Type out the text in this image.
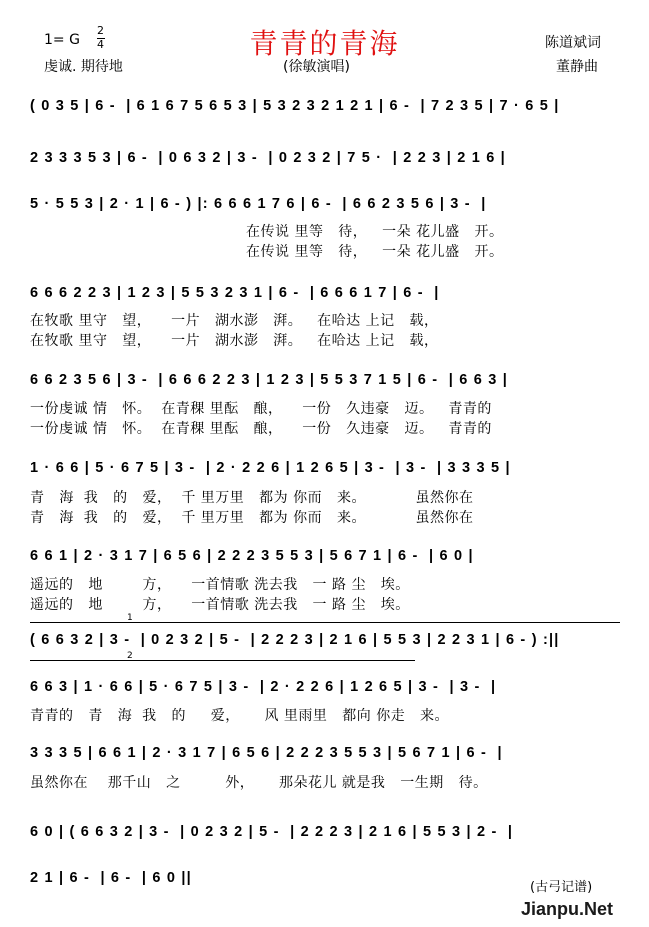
青青的青海
1= G
2
4
虔诚. 期待地
陈道斌词
(徐敏演唱)	董静曲
( 0 3 5 | 6 -  | 6 1 6 7 5 6 5 3 | 5 3 2 3 2 1 2 1 | 6 -  | 7 2 3 5 | 7 · 6 5 |
2 3 3 3 5 3 | 6 -  | 0 6 3 2 | 3 -  | 0 2 3 2 | 7 5 ·  | 2 2 3 | 2 1 6 |
5 · 5 5 3 | 2 · 1 | 6 - ) |: 6 6 6 1 7 6 | 6 -  | 6 6 2 3 5 6 | 3 -  |
在传说 里等   待，   一朵 花儿盛   开。
在传说 里等   待，   一朵 花儿盛   开。
6 6 6 2 2 3 | 1 2 3 | 5 5 3 2 3 1 | 6 -  | 6 6 6 1 7 | 6 -  |
在牧歌 里守   望，    一片   湖水澎   湃。   在哈达 上记   载，
在牧歌 里守   望，    一片   湖水澎   湃。   在哈达 上记   载，
6 6 2 3 5 6 | 3 -  | 6 6 6 2 2 3 | 1 2 3 | 5 5 3 7 1 5 | 6 -  | 6 6 3 |
一份虔诚 情   怀。  在青稞 里酝   酿，    一份   久违豪   迈。   青青的
一份虔诚 情   怀。  在青稞 里酝   酿，    一份   久违豪   迈。   青青的
1 · 6 6 | 5 · 6 7 5 | 3 -  | 2 · 2 2 6 | 1 2 6 5 | 3 -  | 3 -  | 3 3 3 5 |
青   海  我   的   爱，  千 里万里   都为 你而   来。          虽然你在
青   海  我   的   爱，  千 里万里   都为 你而   来。          虽然你在
6 6 1 | 2 · 3 1 7 | 6 5 6 | 2 2 2 3 5 5 3 | 5 6 7 1 | 6 -  | 6 0 |
遥远的   地        方，    一首情歌 洗去我   一 路 尘   埃。
遥远的   地        方，    一首情歌 洗去我   一 路 尘   埃。
1
( 6 6 3 2 | 3 -  | 0 2 3 2 | 5 -  | 2 2 2 3 | 2 1 6 | 5 5 3 | 2 2 3 1 | 6 - ) :||
2
6 6 3 | 1 · 6 6 | 5 · 6 7 5 | 3 -  | 2 · 2 2 6 | 1 2 6 5 | 3 -  | 3 -  |
青青的   青   海  我   的     爱，     风 里雨里   都向 你走   来。
3 3 3 5 | 6 6 1 | 2 · 3 1 7 | 6 5 6 | 2 2 2 3 5 5 3 | 5 6 7 1 | 6 -  |
虽然你在    那千山   之         外，     那朵花儿 就是我   一生期   待。
6 0 | ( 6 6 3 2 | 3 -  | 0 2 3 2 | 5 -  | 2 2 2 3 | 2 1 6 | 5 5 3 | 2 -  |
2 1 | 6 -  | 6 -  | 6 0 ||
(古弓记谱)
Jianpu.Net
